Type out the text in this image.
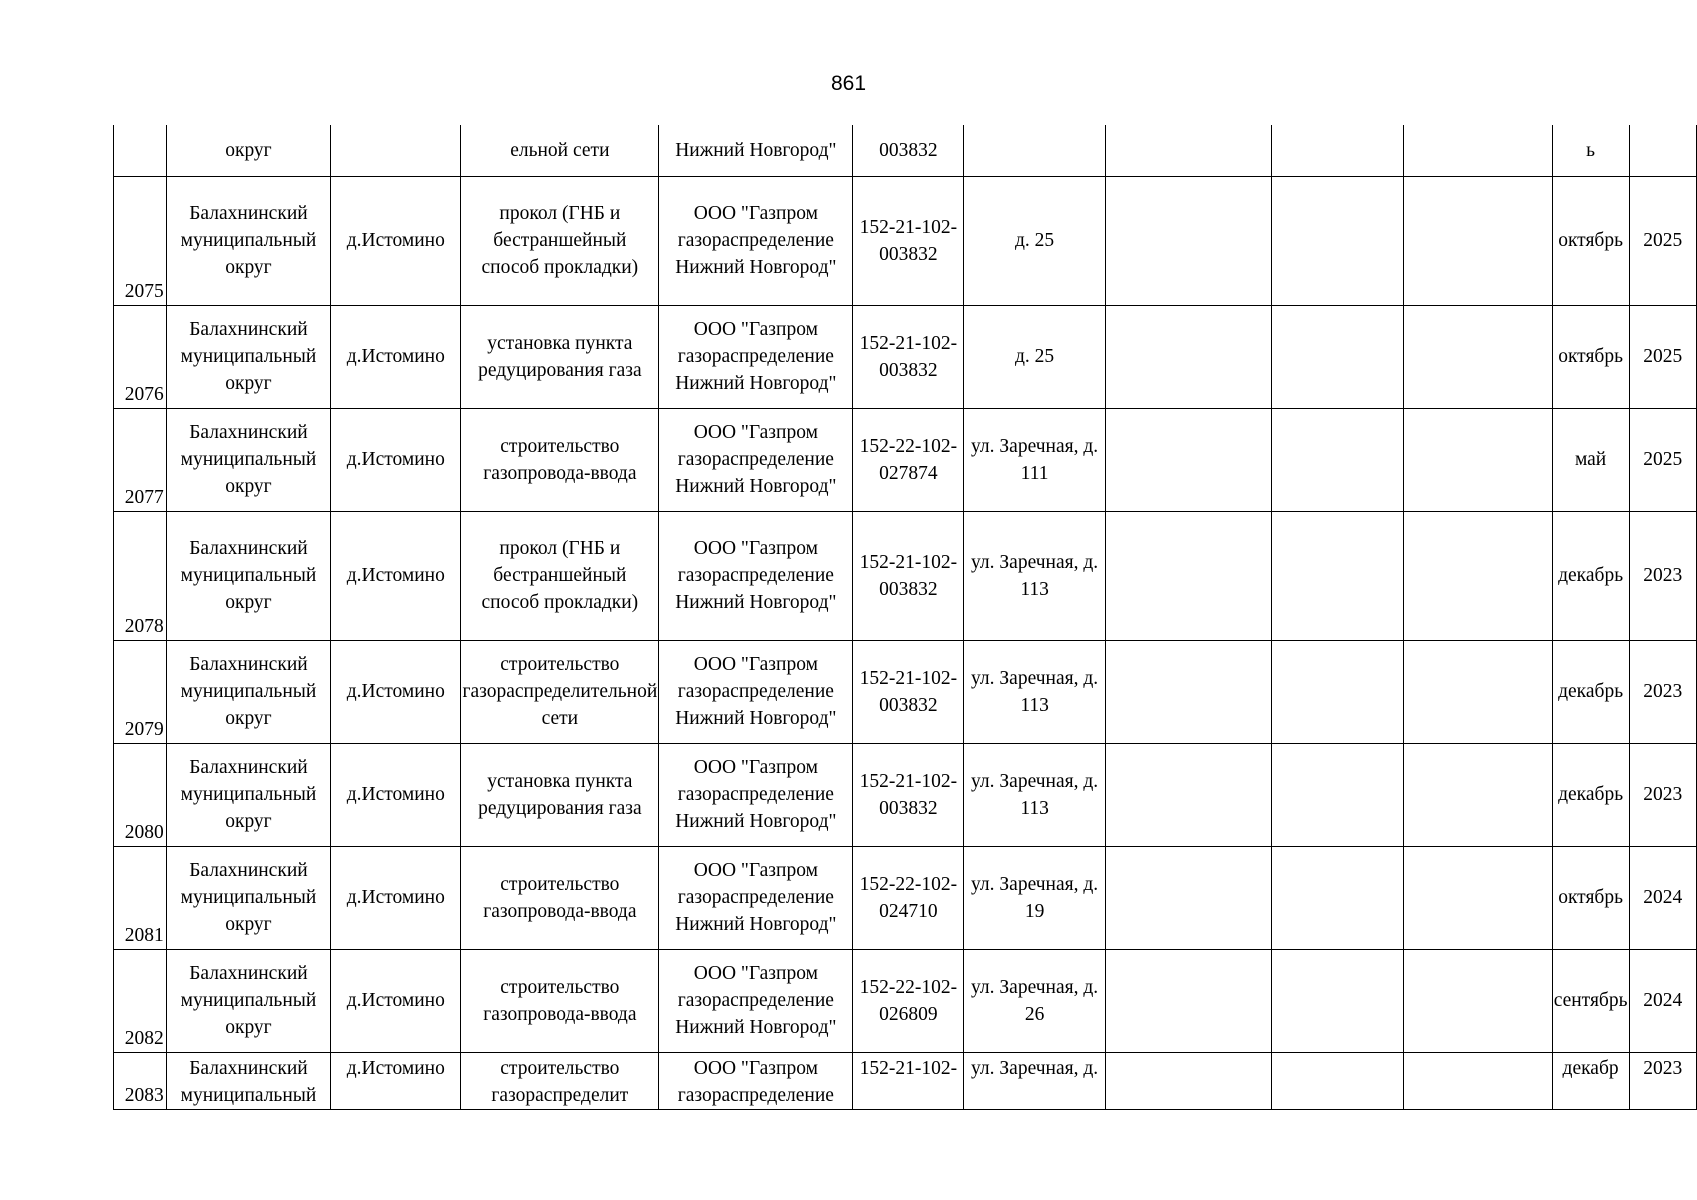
861
	округ		ельной сети	Нижний Новгород"	003832					ь	
2075	Балахнинский муниципальный округ	д.Истомино	прокол (ГНБ и бестраншейный способ прокладки)	ООО "Газпром газораспределение Нижний Новгород"	152-21-102-003832	д. 25				октябрь	2025
2076	Балахнинский муниципальный округ	д.Истомино	установка пункта редуцирования газа	ООО "Газпром газораспределение Нижний Новгород"	152-21-102-003832	д. 25				октябрь	2025
2077	Балахнинский муниципальный округ	д.Истомино	строительство газопровода-ввода	ООО "Газпром газораспределение Нижний Новгород"	152-22-102-027874	ул. Заречная, д. 111				май	2025
2078	Балахнинский муниципальный округ	д.Истомино	прокол (ГНБ и бестраншейный способ прокладки)	ООО "Газпром газораспределение Нижний Новгород"	152-21-102-003832	ул. Заречная, д. 113				декабрь	2023
2079	Балахнинский муниципальный округ	д.Истомино	строительство газораспределительной сети	ООО "Газпром газораспределение Нижний Новгород"	152-21-102-003832	ул. Заречная, д. 113				декабрь	2023
2080	Балахнинский муниципальный округ	д.Истомино	установка пункта редуцирования газа	ООО "Газпром газораспределение Нижний Новгород"	152-21-102-003832	ул. Заречная, д. 113				декабрь	2023
2081	Балахнинский муниципальный округ	д.Истомино	строительство газопровода-ввода	ООО "Газпром газораспределение Нижний Новгород"	152-22-102-024710	ул. Заречная, д. 19				октябрь	2024
2082	Балахнинский муниципальный округ	д.Истомино	строительство газопровода-ввода	ООО "Газпром газораспределение Нижний Новгород"	152-22-102-026809	ул. Заречная, д. 26				сентябрь	2024
2083	Балахнинский муниципальный	д.Истомино	строительство газораспределит	ООО "Газпром газораспределение	152-21-102-	ул. Заречная, д.				декабр	2023
